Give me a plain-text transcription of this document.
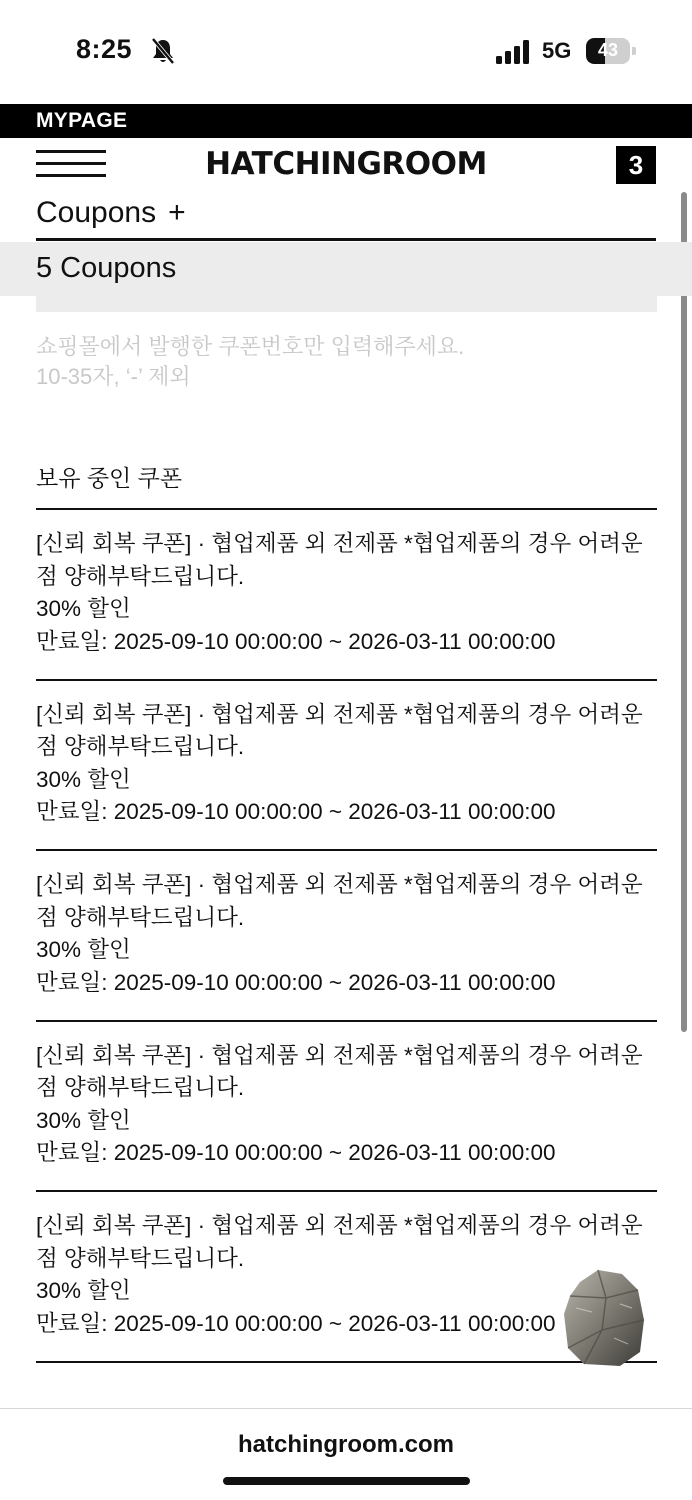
8:25	5G	43
MYPAGE
HATCHINGROOM	3
Coupons +
5 Coupons
쇼핑몰에서 발행한 쿠폰번호만 입력해주세요.
10-35자, ‘-’ 제외
보유 중인 쿠폰
[신뢰 회복 쿠폰] · 협업제품 외 전제품 *협업제품의 경우 어려운 점 양해부탁드립니다.
30% 할인
만료일: 2025-09-10 00:00:00 ~ 2026-03-11 00:00:00
[신뢰 회복 쿠폰] · 협업제품 외 전제품 *협업제품의 경우 어려운 점 양해부탁드립니다.
30% 할인
만료일: 2025-09-10 00:00:00 ~ 2026-03-11 00:00:00
[신뢰 회복 쿠폰] · 협업제품 외 전제품 *협업제품의 경우 어려운 점 양해부탁드립니다.
30% 할인
만료일: 2025-09-10 00:00:00 ~ 2026-03-11 00:00:00
[신뢰 회복 쿠폰] · 협업제품 외 전제품 *협업제품의 경우 어려운 점 양해부탁드립니다.
30% 할인
만료일: 2025-09-10 00:00:00 ~ 2026-03-11 00:00:00
[신뢰 회복 쿠폰] · 협업제품 외 전제품 *협업제품의 경우 어려운 점 양해부탁드립니다.
30% 할인
만료일: 2025-09-10 00:00:00 ~ 2026-03-11 00:00:00
hatchingroom.com
